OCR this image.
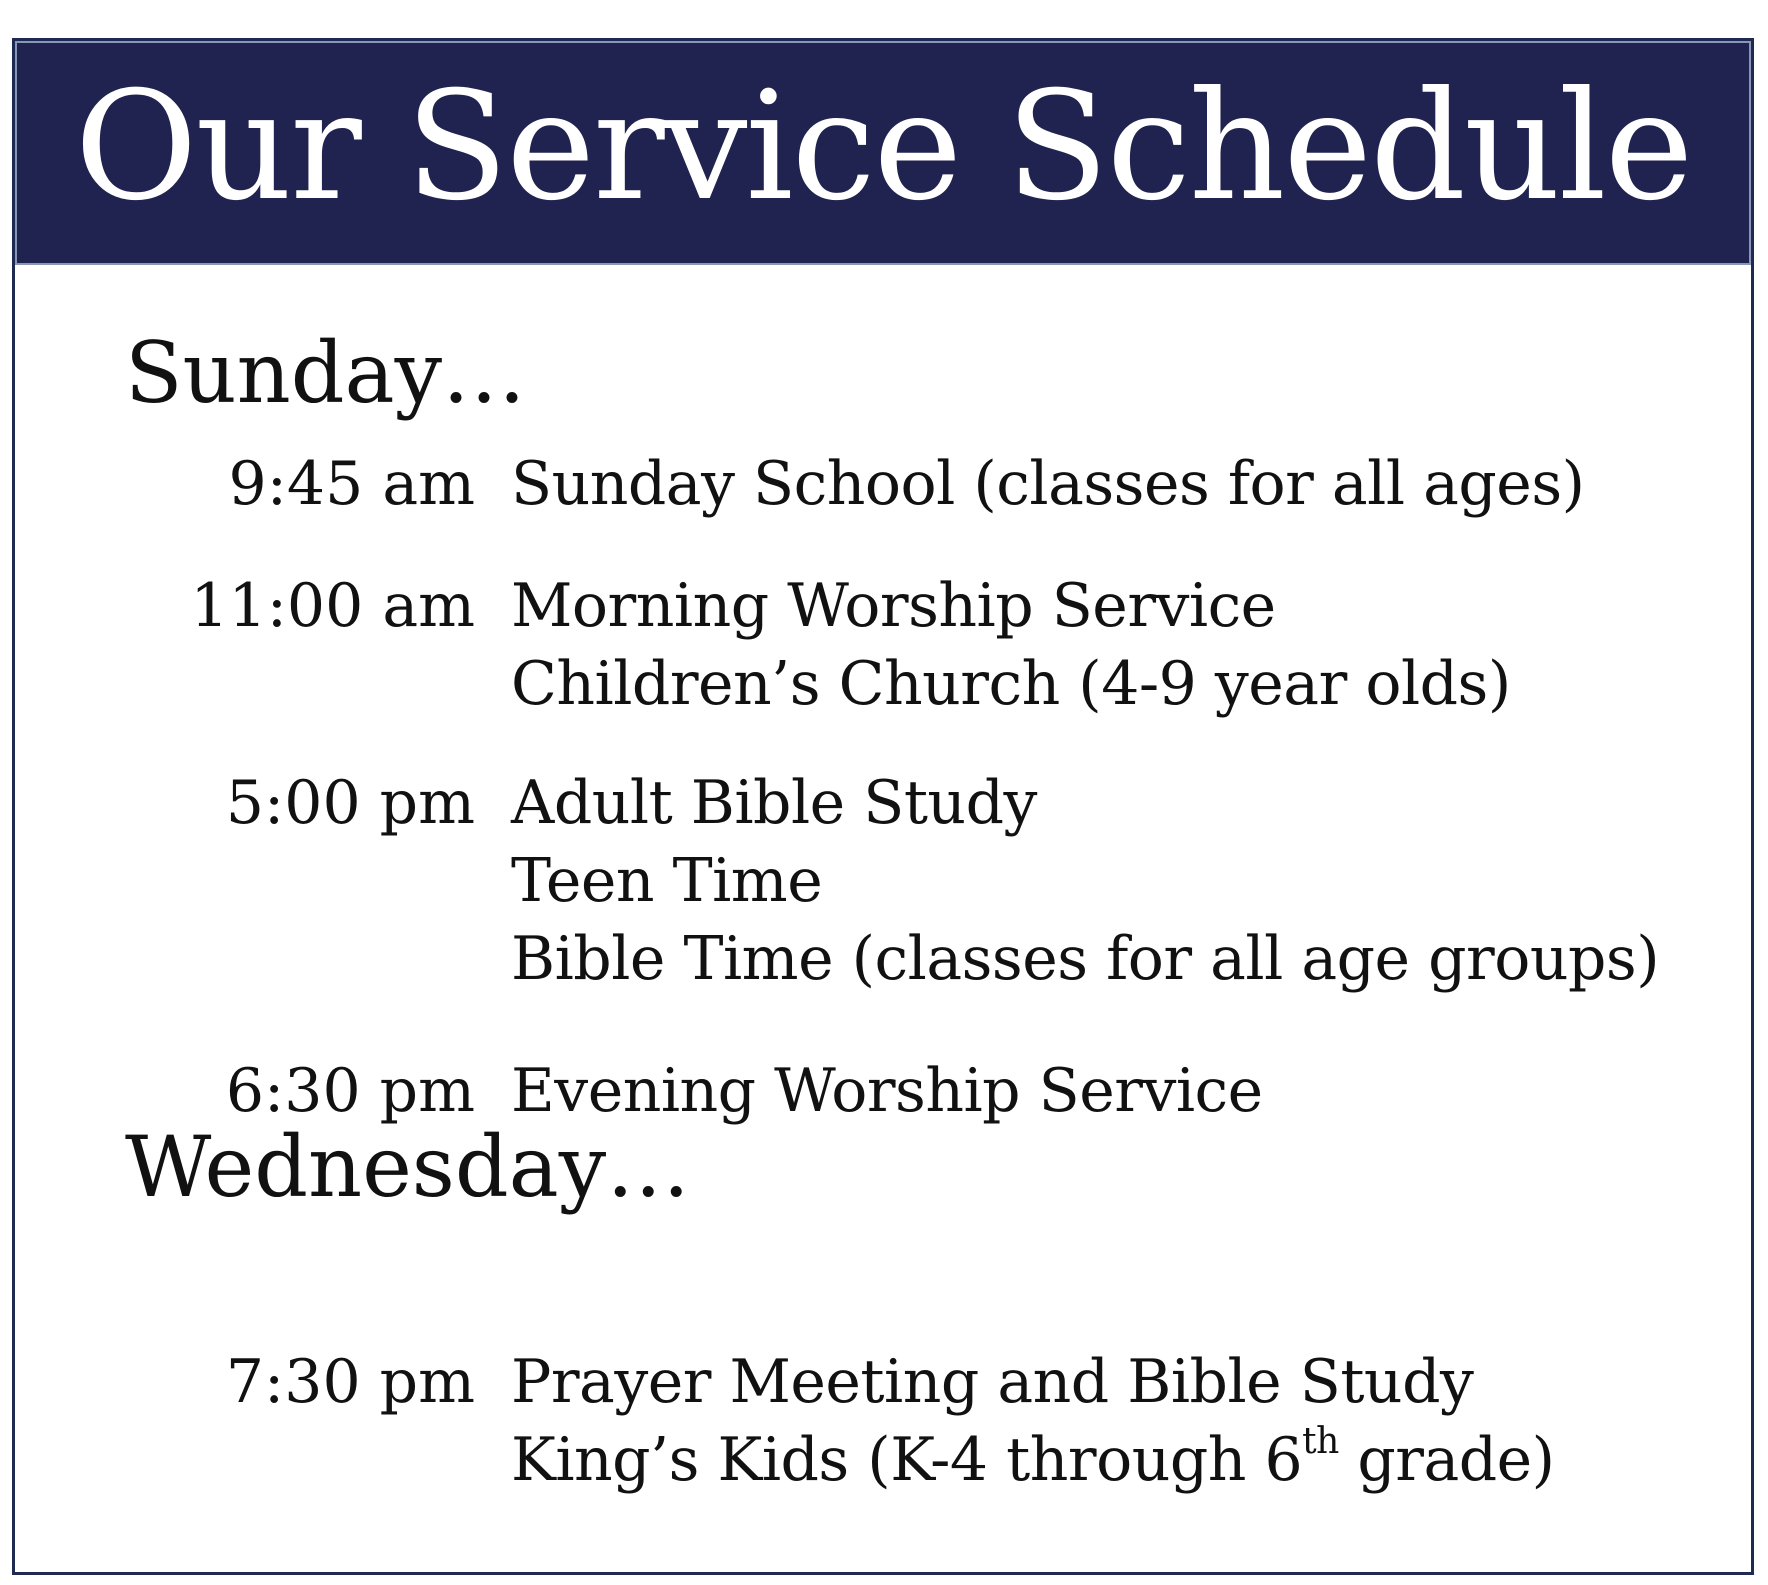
Our Service Schedule
Sunday…
9:45 am Sunday School (classes for all ages)
11:00 am Morning Worship Service
Children’s Church (4-9 year olds)
5:00 pm Adult Bible Study
Teen Time
Bible Time (classes for all age groups)
6:30 pm Evening Worship Service
Wednesday…
7:30 pm Prayer Meeting and Bible Study
King’s Kids (K-4 through 6th grade)
